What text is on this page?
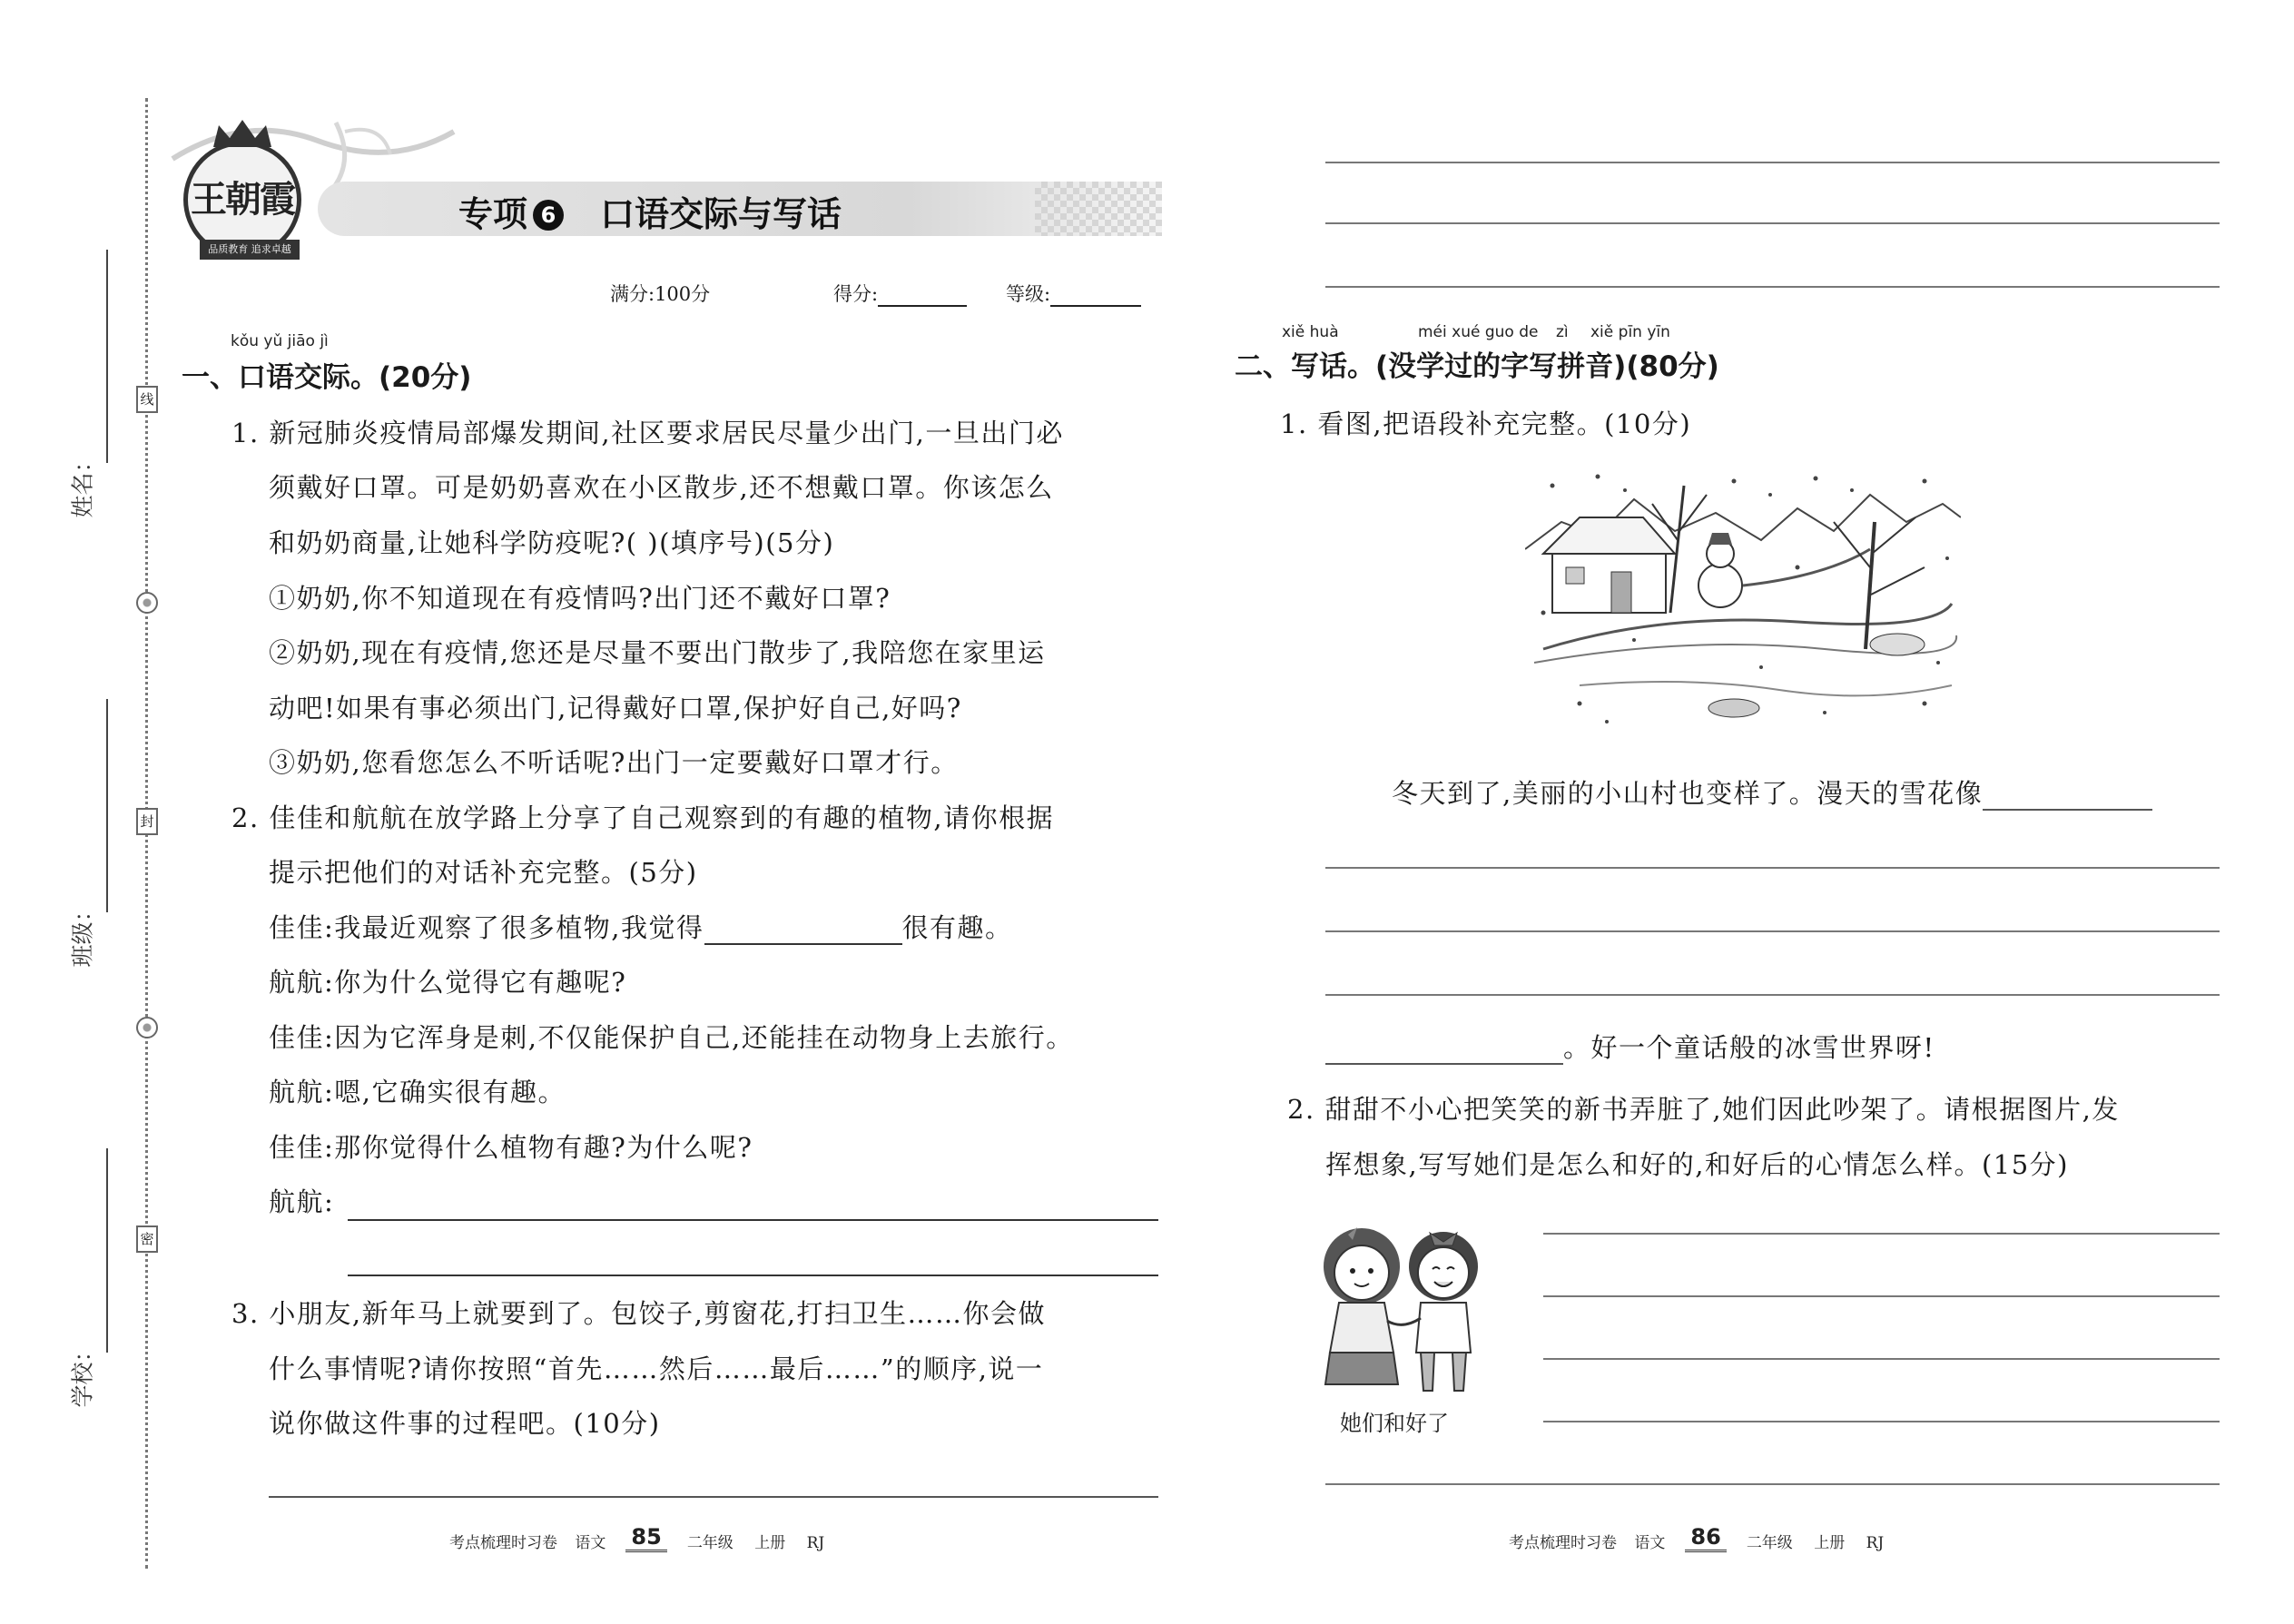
线
封
密
姓名：
班级：
学校：
王朝霞
品质教育 追求卓越
专项 6 口语交际与写话
满分:100分	得分:	等级:
kǒu yǔ jiāo jì
一、口语交际。(20分)
1. 新冠肺炎疫情局部爆发期间,社区要求居民尽量少出门,一旦出门必
须戴好口罩。可是奶奶喜欢在小区散步,还不想戴口罩。你该怎么
和奶奶商量,让她科学防疫呢?( )(填序号)(5分)
①奶奶,你不知道现在有疫情吗?出门还不戴好口罩?
②奶奶,现在有疫情,您还是尽量不要出门散步了,我陪您在家里运
动吧!如果有事必须出门,记得戴好口罩,保护好自己,好吗?
③奶奶,您看您怎么不听话呢?出门一定要戴好口罩才行。
2. 佳佳和航航在放学路上分享了自己观察到的有趣的植物,请你根据
提示把他们的对话补充完整。(5分)
佳佳:我最近观察了很多植物,我觉得	很有趣。
航航:你为什么觉得它有趣呢?
佳佳:因为它浑身是刺,不仅能保护自己,还能挂在动物身上去旅行。
航航:嗯,它确实很有趣。
佳佳:那你觉得什么植物有趣?为什么呢?
航航:
3. 小朋友,新年马上就要到了。包饺子,剪窗花,打扫卫生……你会做
什么事情呢?请你按照“首先……然后……最后……”的顺序,说一
说你做这件事的过程吧。(10分)
考点梳理时习卷 语文 85 二年级 上册 RJ
xiě huà	méi xué guo de zì xiě pīn yīn
二、写话。(没学过的字写拼音)(80分)
1. 看图,把语段补充完整。(10分)
冬天到了,美丽的小山村也变样了。漫天的雪花像
。好一个童话般的冰雪世界呀!
2. 甜甜不小心把笑笑的新书弄脏了,她们因此吵架了。请根据图片,发
挥想象,写写她们是怎么和好的,和好后的心情怎么样。(15分)
她们和好了
考点梳理时习卷 语文 86 二年级 上册 RJ
